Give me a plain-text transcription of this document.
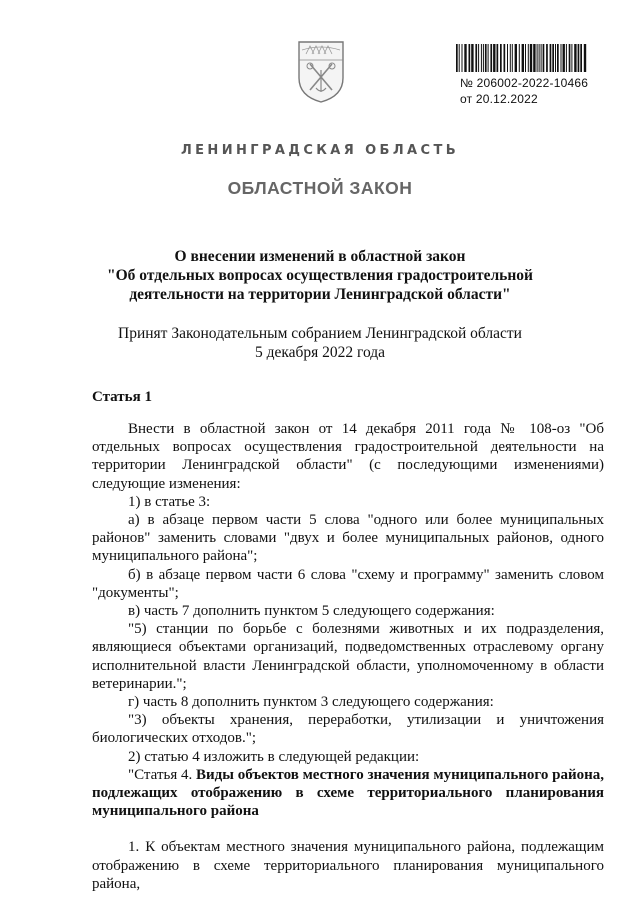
№ 206002-2022-10466
от 20.12.2022
ЛЕНИНГРАДСКАЯ ОБЛАСТЬ
ОБЛАСТНОЙ ЗАКОН
О внесении изменений в областной закон
"Об отдельных вопросах осуществления градостроительной
деятельности на территории Ленинградской области"
Принят Законодательным собранием Ленинградской области
5 декабря 2022 года
Статья 1

Внести в областной закон от 14 декабря 2011 года № 108-оз "Об отдельных вопросах осуществления градостроительной деятельности на территории Ленинградской области" (с последующими изменениями) следующие изменения:

1) в статье 3:

а) в абзаце первом части 5 слова "одного или более муниципальных районов" заменить словами "двух и более муниципальных районов, одного муниципального района";

б) в абзаце первом части 6 слова "схему и программу" заменить словом "документы";

в) часть 7 дополнить пунктом 5 следующего содержания:

"5) станции по борьбе с болезнями животных и их подразделения, являющиеся объектами организаций, подведомственных отраслевому органу исполнительной власти Ленинградской области, уполномоченному в области ветеринарии.";

г) часть 8 дополнить пунктом 3 следующего содержания:

"3) объекты хранения, переработки, утилизации и уничтожения биологических отходов.";

2) статью 4 изложить в следующей редакции:

"Статья 4. Виды объектов местного значения муниципального района, подлежащих отображению в схеме территориального планирования муниципального района

1. К объектам местного значения муниципального района, подлежащим отображению в схеме территориального планирования муниципального района,
